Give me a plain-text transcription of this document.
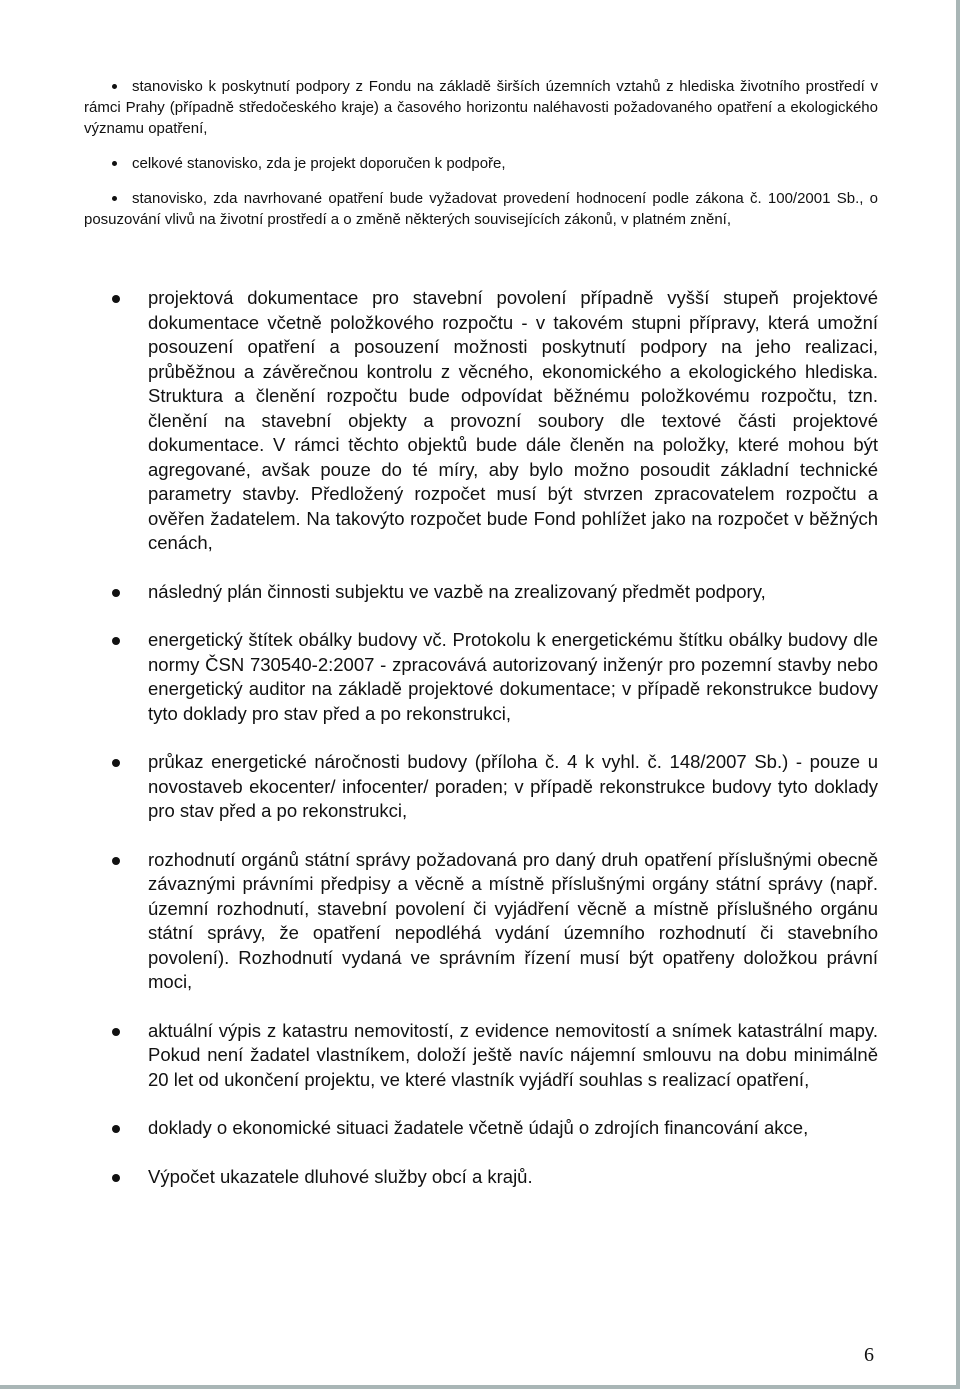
stanovisko k poskytnutí podpory z Fondu na základě širších územních vztahů z hlediska životního prostředí v rámci Prahy (případně středočeského kraje) a časového horizontu naléhavosti požadovaného opatření a ekologického významu opatření,
celkové stanovisko, zda je projekt doporučen k podpoře,
stanovisko, zda navrhované opatření bude vyžadovat provedení hodnocení podle zákona č. 100/2001 Sb., o posuzování vlivů na životní prostředí a o změně některých souvisejících zákonů, v platném znění,
projektová dokumentace pro stavební povolení případně vyšší stupeň projektové dokumentace včetně položkového rozpočtu - v takovém stupni přípravy, která umožní posouzení opatření a posouzení možnosti poskytnutí podpory na jeho realizaci, průběžnou a závěrečnou kontrolu z věcného, ekonomického a ekologického hlediska. Struktura a členění rozpočtu bude odpovídat běžnému položkovému rozpočtu, tzn. členění na stavební objekty a provozní soubory dle textové části projektové dokumentace. V rámci těchto objektů bude dále členěn na položky, které mohou být agregované, avšak pouze do té míry, aby bylo možno posoudit základní technické parametry stavby. Předložený rozpočet musí být stvrzen zpracovatelem rozpočtu a ověřen žadatelem. Na takovýto rozpočet bude Fond pohlížet jako na rozpočet v běžných cenách,
následný plán činnosti subjektu ve vazbě na zrealizovaný předmět podpory,
energetický štítek obálky budovy vč. Protokolu k energetickému štítku obálky budovy dle normy ČSN 730540-2:2007 - zpracovává autorizovaný inženýr pro pozemní stavby nebo energetický auditor na základě projektové dokumentace; v případě rekonstrukce budovy tyto doklady pro stav před a po rekonstrukci,
průkaz energetické náročnosti budovy (příloha č. 4 k vyhl. č. 148/2007 Sb.) - pouze u novostaveb ekocenter/ infocenter/ poraden; v případě rekonstrukce budovy tyto doklady pro stav před a po rekonstrukci,
rozhodnutí orgánů státní správy požadovaná pro daný druh opatření příslušnými obecně závaznými právními předpisy a věcně a místně příslušnými orgány státní správy (např. územní rozhodnutí, stavební povolení či vyjádření věcně a místně příslušného orgánu státní správy, že opatření nepodléhá vydání územního rozhodnutí či stavebního povolení). Rozhodnutí vydaná ve správním řízení musí být opatřeny doložkou právní moci,
aktuální výpis z katastru nemovitostí, z evidence nemovitostí a snímek katastrální mapy. Pokud není žadatel vlastníkem, doloží ještě navíc nájemní smlouvu na dobu minimálně 20 let od ukončení projektu, ve které vlastník vyjádří souhlas s realizací opatření,
doklady o ekonomické situaci žadatele včetně údajů o zdrojích financování akce,
Výpočet ukazatele dluhové služby obcí a krajů.
6
